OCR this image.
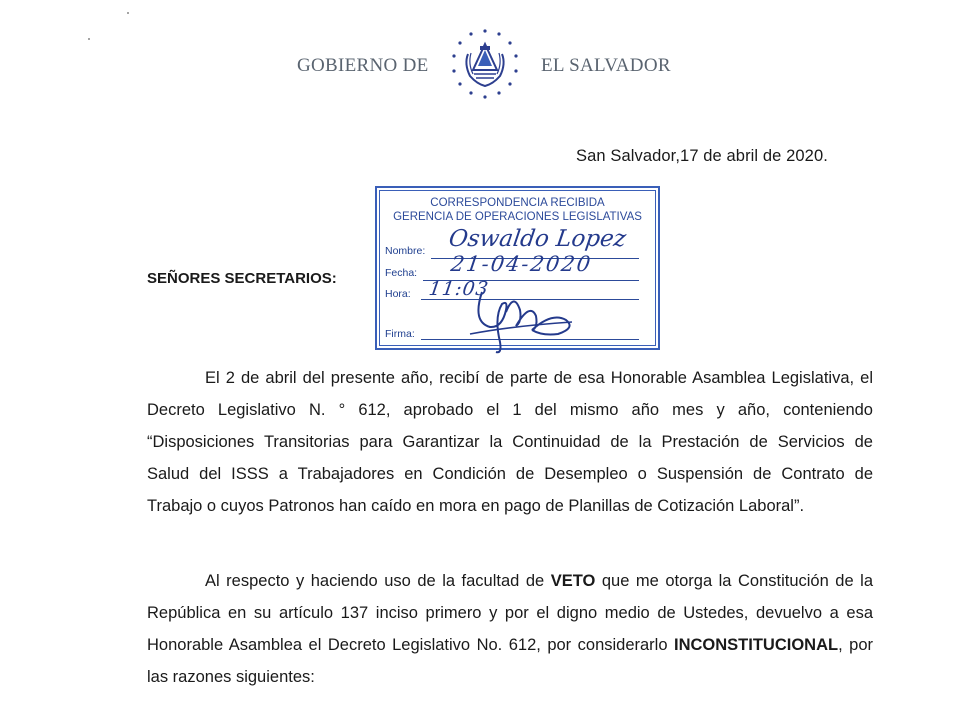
GOBIERNO DE	EL SALVADOR
San Salvador,17 de abril de 2020.
CORRESPONDENCIA RECIBIDA
GERENCIA DE OPERACIONES LEGISLATIVAS
Nombre: Oswaldo Lopez
Fecha: 21-04-2020
Hora: 11:03
Firma:
SEÑORES SECRETARIOS:
El 2 de abril del presente año, recibí de parte de esa Honorable Asamblea Legislativa, el
Decreto Legislativo N. ° 612, aprobado el 1 del mismo año mes y año, conteniendo
“Disposiciones Transitorias para Garantizar la Continuidad de la Prestación de Servicios de
Salud del ISSS a Trabajadores en Condición de Desempleo o Suspensión de Contrato de
Trabajo o cuyos Patronos han caído en mora en pago de Planillas de Cotización Laboral”.
Al respecto y haciendo uso de la facultad de VETO que me otorga la Constitución de la
República en su artículo 137 inciso primero y por el digno medio de Ustedes, devuelvo a esa
Honorable Asamblea el Decreto Legislativo No. 612, por considerarlo INCONSTITUCIONAL, por
las razones siguientes:
